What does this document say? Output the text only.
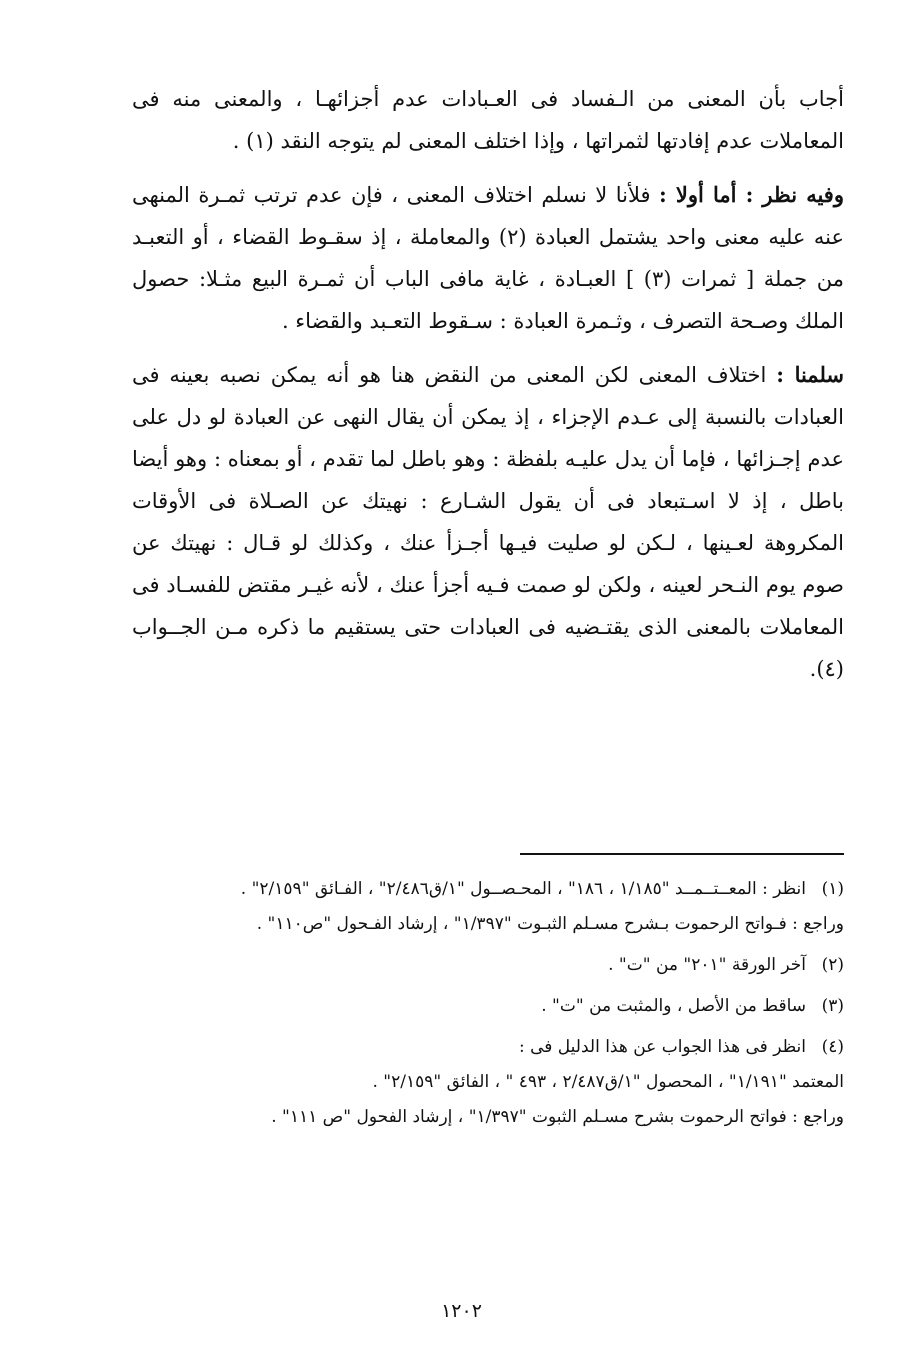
أجاب بأن المعنى من الـفساد فى العـبادات عدم أجزائهـا ، والمعنى منه فى المعاملات عدم إفادتها لثمراتها ، وإذا اختلف المعنى لم يتوجه النقد (١) .

وفيه نظر : أما أولا : فلأنا لا نسلم اختلاف المعنى ، فإن عدم ترتب ثمـرة المنهى عنه عليه معنى واحد يشتمل العبادة (٢) والمعاملة ، إذ سقـوط القضاء ، أو التعبـد من جملة [ ثمرات (٣) ] العبـادة ، غاية مافى الباب أن ثمـرة البيع مثـلا: حصول الملك وصـحة التصرف ، وثـمرة العبادة : سـقوط التعـبد والقضاء .

سلمنا : اختلاف المعنى لكن المعنى من النقض هنا هو أنه يمكن نصبه بعينه فى العبادات بالنسبة إلى عـدم الإجزاء ، إذ يمكن أن يقال النهى عن العبادة لو دل على عدم إجـزائها ، فإما أن يدل عليـه بلفظة : وهو باطل لما تقدم ، أو بمعناه : وهو أيضا باطل ، إذ لا اسـتبعاد فى أن يقول الشـارع : نهيتك عن الصـلاة فى الأوقات المكروهة لعـينها ، لـكن لو صليت فيـها أجـزأ عنك ، وكذلك لو قـال : نهيتك عن صوم يوم النـحر لعينه ، ولكن لو صمت فـيه أجزأ عنك ، لأنه غيـر مقتض للفسـاد فى المعاملات بالمعنى الذى يقتـضيه فى العبادات حتى يستقيم ما ذكره مـن الجــواب (٤).

(١)
انظر : المعــتــمــد "١/١٨٥ ، ١٨٦" ، المحـصــول "١/ق٢/٤٨٦" ، الفـائق "٢/١٥٩" .

وراجع : فـواتح الرحموت بـشرح مسـلم الثبـوت "١/٣٩٧" ، إرشاد الفـحول "ص١١٠" .

(٢)
آخر الورقة "٢٠١" من "ت" .
(٣)
ساقط من الأصل ، والمثبت من "ت" .
(٤)
انظر فى هذا الجواب عن هذا الدليل فى :

المعتمد "١/١٩١" ، المحصول "١/ق٢/٤٨٧ ، ٤٩٣ " ، الفائق "٢/١٥٩" .

وراجع : فواتح الرحموت بشرح مسـلم الثبوت "١/٣٩٧" ، إرشاد الفحول "ص ١١١" .

١٢٠٢
